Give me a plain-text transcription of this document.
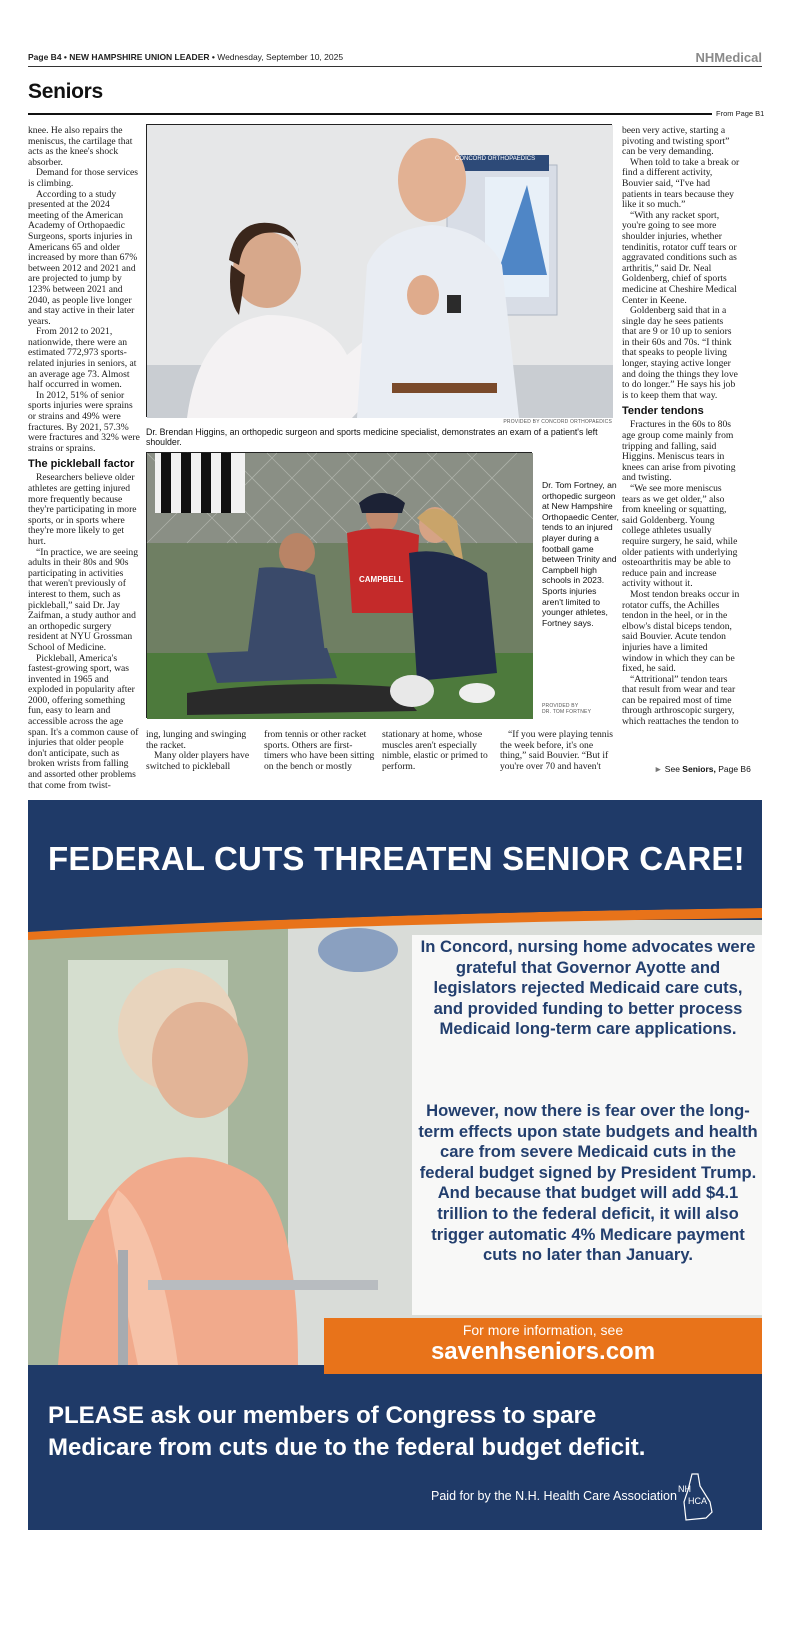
Page B4 • NEW HAMPSHIRE UNION LEADER • Wednesday, September 10, 2025	NHMedical
Seniors
From Page B1

knee. He also repairs the meniscus, the cartilage that acts as the knee's shock absorber.

Demand for those services is climbing.

According to a study presented at the 2024 meeting of the American Academy of Orthopaedic Surgeons, sports injuries in Americans 65 and older increased by more than 67% between 2012 and 2021 and are projected to jump by 123% between 2021 and 2040, as people live longer and stay active in their later years.

From 2012 to 2021, nationwide, there were an estimated 772,973 sports-related injuries in seniors, at an average age 73. Almost half occurred in women.

In 2012, 51% of senior sports injuries were sprains or strains and 49% were fractures. By 2021, 57.3% were fractures and 32% were strains or sprains.

The pickleball factor

Researchers believe older athletes are getting injured more frequently because they're participating in more sports, or in sports where they're more likely to get hurt.

“In practice, we are seeing adults in their 80s and 90s participating in activities that weren't previously of interest to them, such as pickleball,” said Dr. Jay Zaifman, a study author and an orthopedic surgery resident at NYU Grossman School of Medicine.

Pickleball, America's fastest-growing sport, was invented in 1965 and exploded in popularity after 2000, offering something fun, easy to learn and accessible across the age span. It's a common cause of injuries that older people don't anticipate, such as broken wrists from falling and assorted other problems that come from twist-

been very active, starting a pivoting and twisting sport” can be very demanding.

When told to take a break or find a different activity, Bouvier said, “I've had patients in tears because they like it so much.”

“With any racket sport, you're going to see more shoulder injuries, whether tendinitis, rotator cuff tears or aggravated conditions such as arthritis,” said Dr. Neal Goldenberg, chief of sports medicine at Cheshire Medical Center in Keene.

Goldenberg said that in a single day he sees patients that are 9 or 10 up to seniors in their 60s and 70s. “I think that speaks to people living longer, staying active longer and doing the things they love to do longer.” He says his job is to keep them that way.

Tender tendons

Fractures in the 60s to 80s age group come mainly from tripping and falling, said Higgins. Meniscus tears in knees can arise from pivoting and twisting.

“We see more meniscus tears as we get older,” also from kneeling or squatting, said Goldenberg. Young college athletes usually require surgery, he said, while older patients with underlying osteoarthritis may be able to reduce pain and increase activity without it.

Most tendon breaks occur in rotator cuffs, the Achilles tendon in the heel, or in the elbow's distal biceps tendon, said Bouvier. Acute tendon injuries have a limited window in which they can be fixed, he said.

“Attritional” tendon tears that result from wear and tear can be repaired most of time through arthroscopic surgery, which reattaches the tendon to

► See Seniors, Page B6
CONCORD ORTHOPAEDICS
PROVIDED BY CONCORD ORTHOPAEDICS
Dr. Brendan Higgins, an orthopedic surgeon and sports medicine specialist, demonstrates an exam of a patient's left shoulder.
CAMPBELL
Dr. Tom Fortney, an orthopedic surgeon at New Hampshire Orthopaedic Center, tends to an injured player during a football game between Trinity and Campbell high schools in 2023. Sports injuries aren't limited to younger athletes, Fortney says.
PROVIDED BY
DR. TOM FORTNEY

ing, lunging and swinging the racket.

Many older players have switched to pickleball

from tennis or other racket sports. Others are first-timers who have been sitting on the bench or mostly

stationary at home, whose muscles aren't especially nimble, elastic or primed to perform.

“If you were playing tennis the week before, it's one thing,” said Bouvier. “But if you're over 70 and haven't

FEDERAL CUTS THREATEN SENIOR CARE!
In Concord, nursing home advocates were grateful that Governor Ayotte and legislators rejected Medicaid care cuts, and provided funding to better process Medicaid long-term care applications.
However, now there is fear over the long-term effects upon state budgets and health care from severe Medicaid cuts in the federal budget signed by President Trump. And because that budget will add $4.1 trillion to the federal deficit, it will also trigger automatic 4% Medicare payment cuts no later than January.
For more information, see
savenhseniors.com
PLEASE ask our members of Congress to spare
Medicare from cuts due to the federal budget deficit.
Paid for by the N.H. Health Care Association NH
HCA
